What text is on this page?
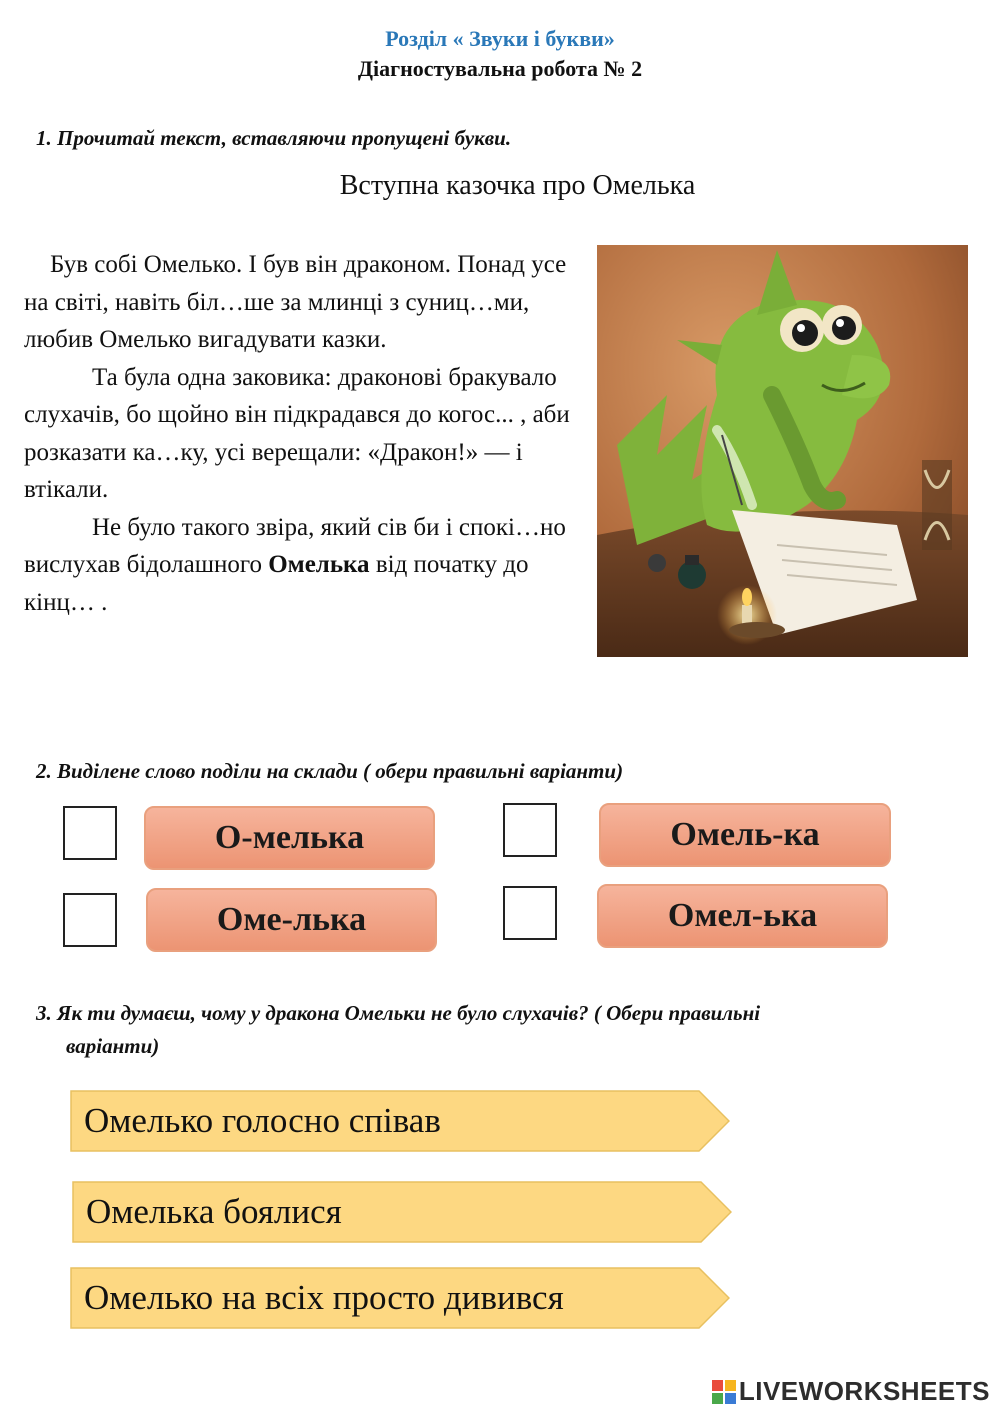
Розділ « Звуки і букви»
Діагностувальна робота № 2
1. Прочитай текст, вставляючи пропущені букви.
Вступна казочка про Омелька

Був собі Омелько. І був він драконом. Понад усе на світі, навіть біл…ше за млинці з суниц…ми, любив Омелько вигадувати казки.

Та була одна заковика: драконові бракувало слухачів, бо щойно він підкрадався до когос... , аби розказати ка…ку, усі верещали: «Дракон!» — і втікали.

Не було такого звіра, який сів би і спокі…но вислухав бідолашного Омелька від початку до кінц… .

2. Виділене слово поділи на склади ( обери правильні варіанти)
О-мелька	Омель-ка
Оме-лька	Омел-ька
3. Як ти думаєш, чому у дракона Омельки не було слухачів? ( Обери правильні
варіанти)
Омелько голосно співав
Омелька боялися
Омелько на всіх просто дивився
LIVEWORKSHEETS
